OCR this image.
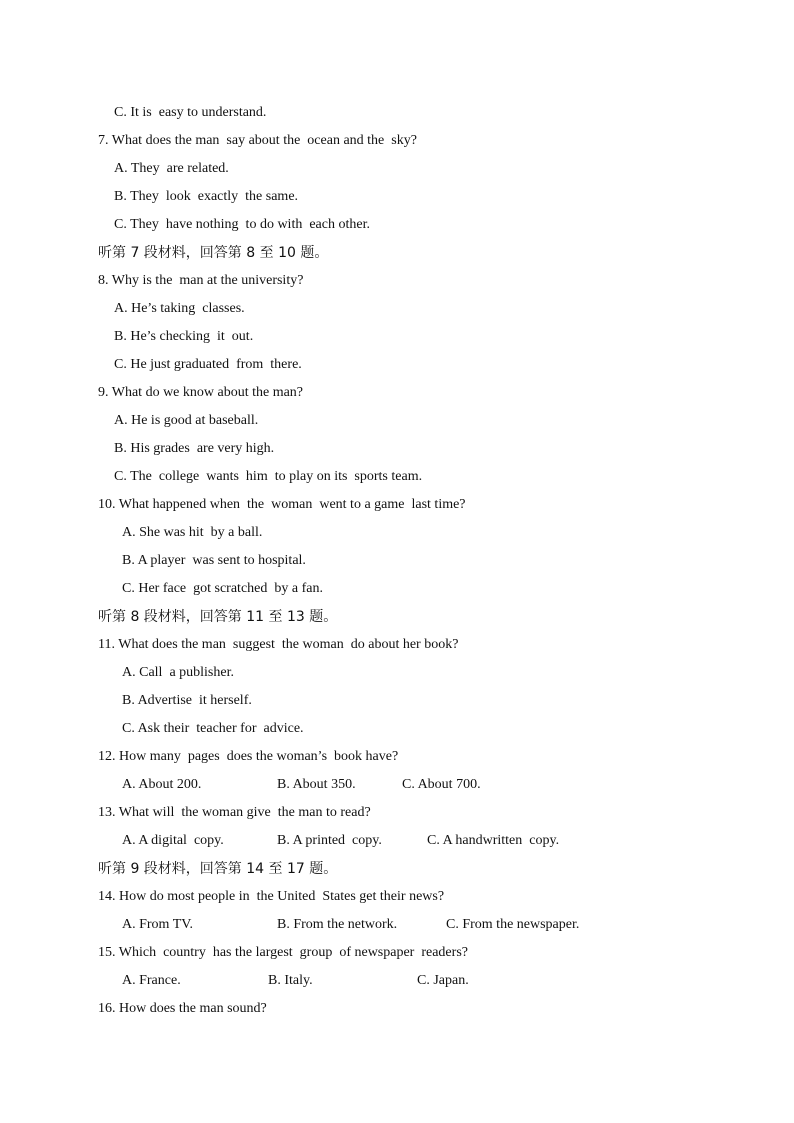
C. It is  easy to understand.
7. What does the man  say about the  ocean and the  sky?
A. They  are related.
B. They  look  exactly  the same.
C. They  have nothing  to do with  each other.
听第 7 段材料，回答第 8 至 10 题。
8. Why is the  man at the university?
A. He’s taking  classes.
B. He’s checking  it  out.
C. He just graduated  from  there.
9. What do we know about the man?
A. He is good at baseball.
B. His grades  are very high.
C. The  college  wants  him  to play on its  sports team.
10. What happened when  the  woman  went to a game  last time?
A. She was hit  by a ball.
B. A player  was sent to hospital.
C. Her face  got scratched  by a fan.
听第 8 段材料，回答第 11 至 13 题。
11. What does the man  suggest  the woman  do about her book?
A. Call  a publisher.
B. Advertise  it herself.
C. Ask their  teacher for  advice.
12. How many  pages  does the woman’s  book have?
A. About 200.	B. About 350.	C. About 700.
13. What will  the woman give  the man to read?
A. A digital  copy.	B. A printed  copy.	C. A handwritten  copy.
听第 9 段材料，回答第 14 至 17 题。
14. How do most people in  the United  States get their news?
A. From TV.	B. From the network.	C. From the newspaper.
15. Which  country  has the largest  group  of newspaper  readers?
A. France.	B. Italy.	C. Japan.
16. How does the man sound?
